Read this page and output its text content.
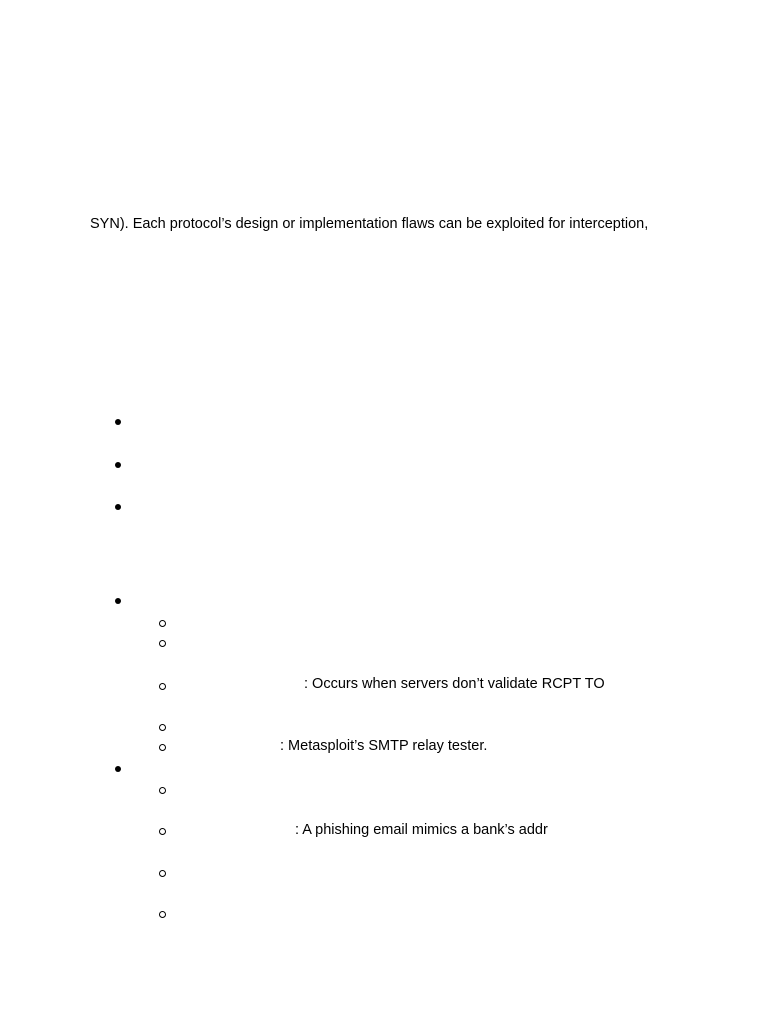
SYN). Each protocol’s design or implementation flaws can be exploited for interception,
: Occurs when servers don’t validate RCPT TO
: Metasploit’s SMTP relay tester.
: A phishing email mimics a bank’s addr
